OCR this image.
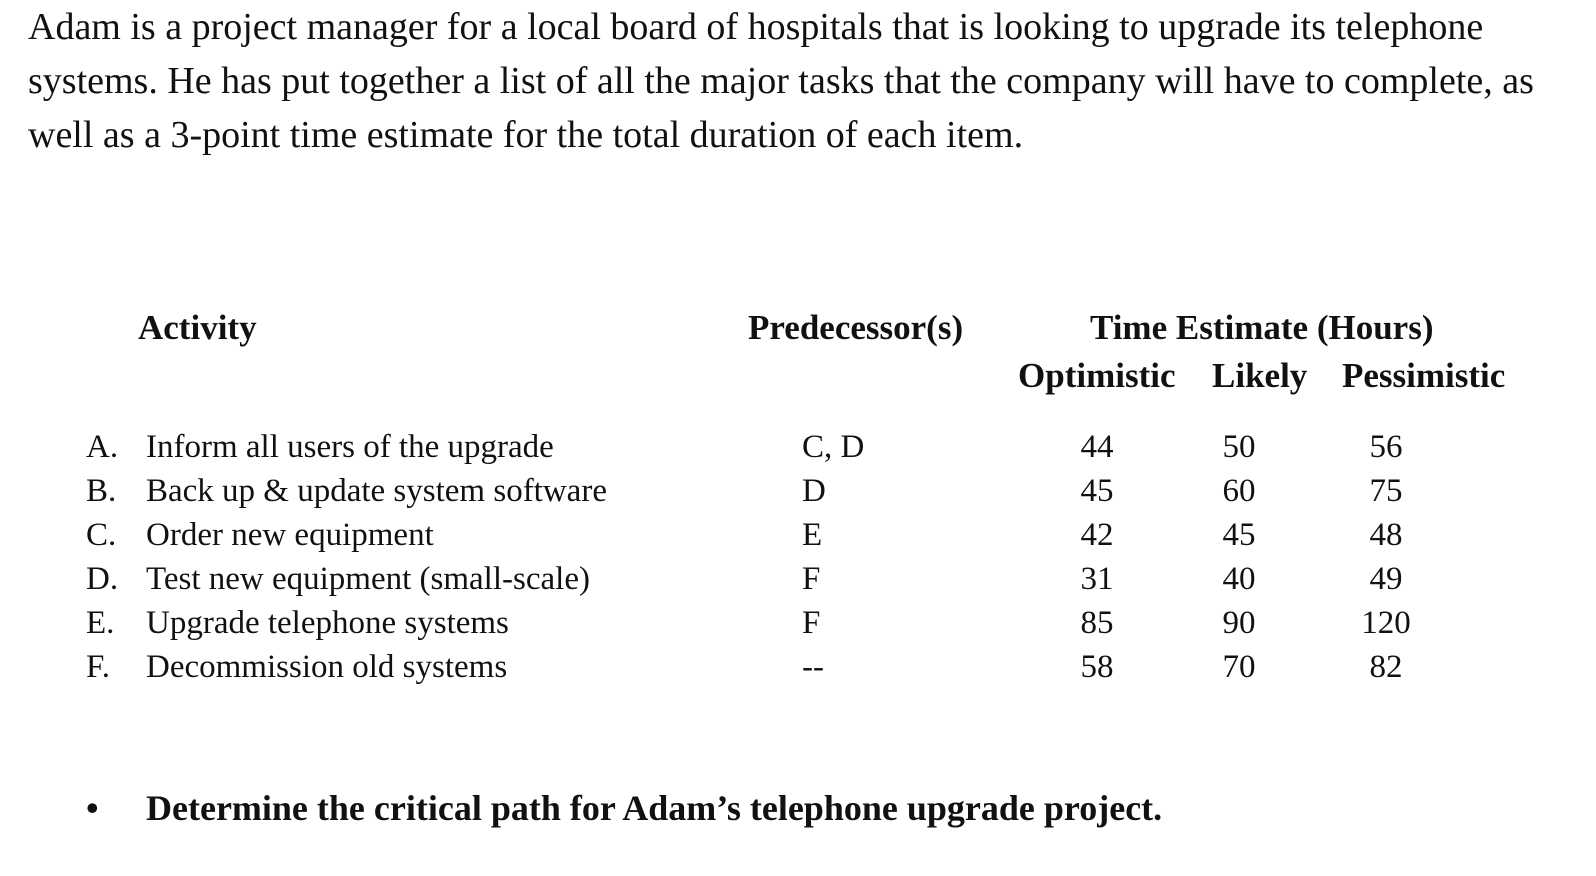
Adam is a project manager for a local board of hospitals that is looking to upgrade its telephone systems. He has put together a list of all the major tasks that the company will have to complete, as well as a 3-point time estimate for the total duration of each item.

Activity	Predecessor(s)	Time Estimate (Hours)
Optimistic Likely Pessimistic
A. Inform all users of the upgrade	C, D	44	50	56
B. Back up & update system software	D	45	60	75
C. Order new equipment	E	42	45	48
D. Test new equipment (small-scale)	F	31	40	49
E. Upgrade telephone systems	F	85	90	120
F. Decommission old systems	--	58	70	82
• Determine the critical path for Adam’s telephone upgrade project.
